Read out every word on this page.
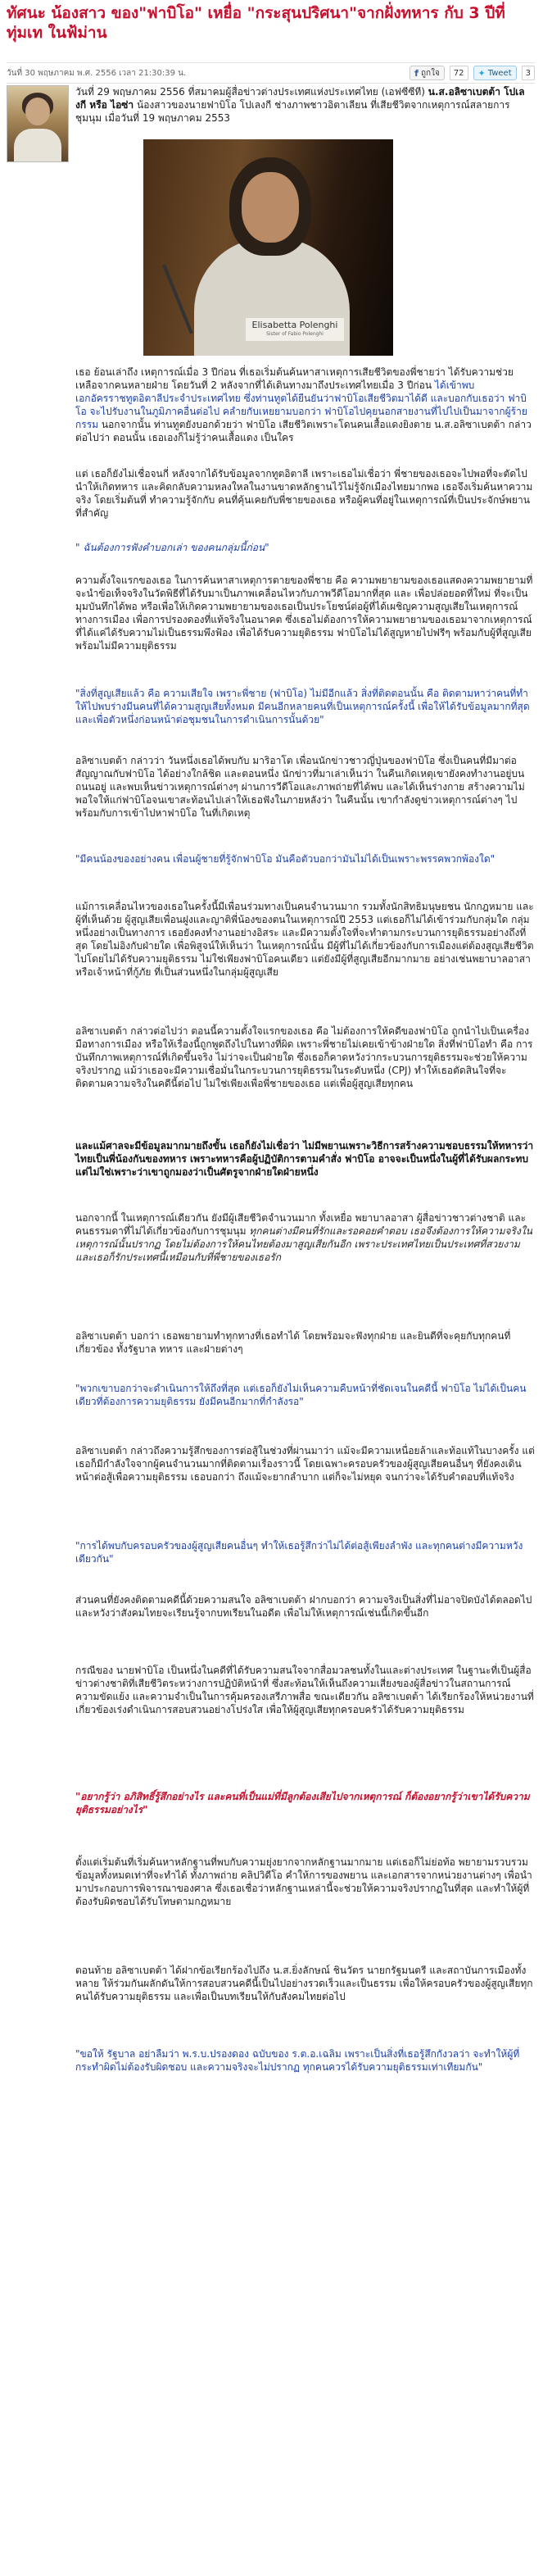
ทัศนะ น้องสาว ของ"ฟาบิโอ" เหยื่อ "กระสุนปริศนา"จากฝั่งทหาร กับ 3 ปีที่ทุ่มเท ในฟ้ม่าน
วันที่ 30 พฤษภาคม พ.ศ. 2556 เวลา 21:30:39 น.	f ถูกใจ	72	✦ Tweet	3

วันที่ 29 พฤษภาคม 2556 ที่สมาคมผู้สื่อข่าวต่างประเทศแห่งประเทศไทย (เอฟซีซีที) น.ส.อลิซาเบตต้า โปเลงกี หรือ ไอซ่า น้องสาวของนายฟาบิโอ โปเลงกี ช่างภาพชาวอิตาเลียน ที่เสียชีวิตจากเหตุการณ์สลายการชุมนุม เมื่อวันที่ 19 พฤษภาคม 2553

Elisabetta Polenghi
Sister of Fabio Polenghi

เธอ ย้อนเล่าถึง เหตุการณ์เมื่อ 3 ปีก่อน ที่เธอเริ่มต้นค้นหาสาเหตุการเสียชีวิตของพี่ชายว่า ได้รับความช่วยเหลือจากคนหลายฝ่าย โดยวันที่ 2 หลังจากที่ได้เดินทางมาถึงประเทศไทยเมื่อ 3 ปีก่อน ได้เข้าพบเอกอัครราชทูตอิตาลีประจำประเทศไทย ซึ่งท่านทูตได้ยืนยันว่าฟาบิโอเสียชีวิตมาได้ดี และบอกกับเธอว่า ฟาบิโอ จะไปรับงานในภูมิภาคอื่นต่อไป คลำยกับเหยยามบอกว่า ฟาบิโอไปคุยนอกสายงานที่ไปไปเป็นมาจากผู้ร้ายกรรม นอกจากนั้น ท่านทูตยังบอกด้วยว่า ฟาบิโอ เสียชีวิตเพราะโดนคนเสื้อแดงยิงตาย น.ส.อลิซาเบตต้า กล่าวต่อไปว่า ตอนนั้น เธอเองก็ไม่รู้ว่าคนเสื้อแดง เป็นใคร

แต่ เธอก็ยังไม่เชื่อจนกี่ หลังจากได้รับข้อมูลจากทูตอิตาลี เพราะเธอไม่เชื่อว่า พี่ชายของเธอจะไปพอที่จะตัดไปนำให้เกิดทหาร และคิดกลับความหลงใหลในงานขาดหลักฐานไว้ไม่รู้จักเมืองไทยมากพอ เธอจึงเริ่มค้นหาความจริง โดยเริ่มต้นที่ ทำความรู้จักกับ คนที่คุ้นเคยกับพี่ชายของเธอ หรือผู้คนที่อยู่ในเหตุการณ์ที่เป็นประจักษ์พยานที่สำคัญ

" ฉันต้องการฟังคำบอกเล่า ของคนกลุ่มนี้ก่อน"

ความตั้งใจแรกของเธอ ในการค้นหาสาเหตุการตายของพี่ชาย คือ ความพยายามของเธอแสดงความพยายามที่จะนำข้อเท็จจริงในวัดพิธีที่ได้รับมาเป็นภาพเคลื่อนไหวกับภาพวีดีโอมากที่สุด และ เพื่อปล่อยอดที่ใหม่ ที่จะเป็นมุมบันทึกได้พอ หรือเพื่อให้เกิดความพยายามของเธอเป็นประโยชน์ต่อผู้ที่ได้เผชิญความสูญเสียในเหตุการณ์ทางการเมือง เพื่อการปรองดองที่แท้จริงในอนาคต ซึ่งเธอไม่ต้องการให้ความพยายามของเธอมาจากเหตุการณ์ที่ได้แค่ได้รับความไม่เป็นธรรมพึงฟ้อง เพื่อได้รับความยุติธรรม ฟาบิโอไม่ได้สูญหายไปฟรีๆ พร้อมกับผู้ที่สูญเสียพร้อมไม่มีความยุติธรรม

"สิ่งที่สูญเสียแล้ว คือ ความเสียใจ เพราะพี่ชาย (ฟาบิโอ) ไม่มีอีกแล้ว สิ่งที่ติดตอนนั้น คือ ติดตามหาว่าคนที่ทำ ให้ไปพบร่างมีนคนที่ได้ความสูญเสียทั้งหมด มีคนอีกหลายคนที่เป็นเหตุการณ์ครั้งนี้ เพื่อให้ได้รับข้อมูลมากที่สุด และเพื่อตัวหนึ่งก่อนหน้าต่อชุมชนในการดำเนินการนั้นด้วย"

อลิซาเบตต้า กล่าวว่า วันหนึ่งเธอได้พบกับ มาริอาโต เพื่อนนักข่าวชาวญี่ปุ่นของฟาบิโอ ซึ่งเป็นคนที่มีมาต่อสัญญาณกับฟาบิโอ ได้อย่างใกล้ชิด และตอนหนึ่ง นักข่าวที่มาเล่าเห็นว่า ในคืนเกิดเหตุเขายังคงทำงานอยู่บนถนนอยู่ และพบเห็นข่าวเหตุการณ์ต่างๆ ผ่านการวีดีโอและภาพถ่ายที่ได้พบ และได้เห็นร่างกาย สร้างความไม่พอใจให้แก่ฟาบิโอจนเขาสะท้อนไปเล่าให้เธอฟังในภายหลังว่า ในคืนนั้น เขากำลังดูข่าวเหตุการณ์ต่างๆ ไปพร้อมกับการเข้าไปหาฟาบิโอ ในที่เกิดเหตุ

"มีคนน้องของอย่างคน เพื่อนผู้ชายที่รู้จักฟาบิโอ มันคือตัวบอกว่ามันไม่ได้เป็นเพราะพรรคพวกพ้องใด"

แม้การเคลื่อนไหวของเธอในครั้งนี้มีเพื่อนร่วมทางเป็นคนจำนวนมาก รวมทั้งนักสิทธิมนุษยชน นักกฎหมาย และผู้ที่เห็นด้วย ผู้สูญเสียเพื่อนฝูงและญาติพี่น้องของตนในเหตุการณ์ปี 2553 แต่เธอก็ไม่ได้เข้าร่วมกับกลุ่มใด กลุ่มหนึ่งอย่างเป็นทางการ เธอยังคงทำงานอย่างอิสระ และมีความตั้งใจที่จะทำตามกระบวนการยุติธรรมอย่างถึงที่สุด โดยไม่อิงกับฝ่ายใด เพื่อพิสูจน์ให้เห็นว่า ในเหตุการณ์นั้น มีผู้ที่ไม่ได้เกี่ยวข้องกับการเมืองแต่ต้องสูญเสียชีวิตไปโดยไม่ได้รับความยุติธรรม ไม่ใช่เพียงฟาบิโอคนเดียว แต่ยังมีผู้ที่สูญเสียอีกมากมาย อย่างเช่นพยาบาลอาสา หรือเจ้าหน้าที่กู้ภัย ที่เป็นส่วนหนึ่งในกลุ่มผู้สูญเสีย

อลิซาเบตต้า กล่าวต่อไปว่า ตอนนี้ความตั้งใจแรกของเธอ คือ ไม่ต้องการให้คดีของฟาบิโอ ถูกนำไปเป็นเครื่องมือทางการเมือง หรือให้เรื่องนี้ถูกพูดถึงไปในทางที่ผิด เพราะพี่ชายไม่เคยเข้าข้างฝ่ายใด สิ่งที่ฟาบิโอทำ คือ การบันทึกภาพเหตุการณ์ที่เกิดขึ้นจริง ไม่ว่าจะเป็นฝ่ายใด ซึ่งเธอก็คาดหวังว่ากระบวนการยุติธรรมจะช่วยให้ความจริงปรากฏ แม้ว่าเธอจะมีความเชื่อมั่นในกระบวนการยุติธรรมในระดับหนึ่ง (CPJ) ทำให้เธอตัดสินใจที่จะติดตามความจริงในคดีนี้ต่อไป ไม่ใช่เพียงเพื่อพี่ชายของเธอ แต่เพื่อผู้สูญเสียทุกคน

และแม้ศาลจะมีข้อมูลมากมายถึงขั้น เธอก็ยังไม่เชื่อว่า ไม่มีพยานเพราะวิธีการสร้างความชอบธรรมให้ทหารว่าไทยเป็นพี่น้องกันของทหาร เพราะทหารคือผู้ปฏิบัติการตามคำสั่ง ฟาบิโอ อาจจะเป็นหนึ่งในผู้ที่ได้รับผลกระทบ แต่ไม่ใช่เพราะว่าเขาถูกมองว่าเป็นศัตรูจากฝ่ายใดฝ่ายหนึ่ง

นอกจากนี้ ในเหตุการณ์เดียวกัน ยังมีผู้เสียชีวิตจำนวนมาก ทั้งเหยื่อ พยาบาลอาสา ผู้สื่อข่าวชาวต่างชาติ และคนธรรมดาที่ไม่ได้เกี่ยวข้องกับการชุมนุม ทุกคนต่างมีคนที่รักและรอคอยคำตอบ เธอจึงต้องการให้ความจริงในเหตุการณ์นั้นปรากฏ โดยไม่ต้องการให้คนไทยต้องมาสูญเสียกันอีก เพราะประเทศไทยเป็นประเทศที่สวยงาม และเธอก็รักประเทศนี้เหมือนกับที่พี่ชายของเธอรัก

อลิซาเบตต้า บอกว่า เธอพยายามทำทุกทางที่เธอทำได้ โดยพร้อมจะฟังทุกฝ่าย และยินดีที่จะคุยกับทุกคนที่เกี่ยวข้อง ทั้งรัฐบาล ทหาร และฝ่ายต่างๆ

"พวกเขาบอกว่าจะดำเนินการให้ถึงที่สุด แต่เธอก็ยังไม่เห็นความคืบหน้าที่ชัดเจนในคดีนี้ ฟาบิโอ ไม่ได้เป็นคนเดียวที่ต้องการความยุติธรรม ยังมีคนอีกมากที่กำลังรอ"

อลิซาเบตต้า กล่าวถึงความรู้สึกของการต่อสู้ในช่วงที่ผ่านมาว่า แม้จะมีความเหนื่อยล้าและท้อแท้ในบางครั้ง แต่เธอก็มีกำลังใจจากผู้คนจำนวนมากที่ติดตามเรื่องราวนี้ โดยเฉพาะครอบครัวของผู้สูญเสียคนอื่นๆ ที่ยังคงเดินหน้าต่อสู้เพื่อความยุติธรรม เธอบอกว่า ถึงแม้จะยากลำบาก แต่ก็จะไม่หยุด จนกว่าจะได้รับคำตอบที่แท้จริง

"การได้พบกับครอบครัวของผู้สูญเสียคนอื่นๆ ทำให้เธอรู้สึกว่าไม่ได้ต่อสู้เพียงลำพัง และทุกคนต่างมีความหวังเดียวกัน"

ส่วนคนที่ยังคงติดตามคดีนี้ด้วยความสนใจ อลิซาเบตต้า ฝากบอกว่า ความจริงเป็นสิ่งที่ไม่อาจปิดบังได้ตลอดไป และหวังว่าสังคมไทยจะเรียนรู้จากบทเรียนในอดีต เพื่อไม่ให้เหตุการณ์เช่นนี้เกิดขึ้นอีก

กรณีของ นายฟาบิโอ เป็นหนึ่งในคดีที่ได้รับความสนใจจากสื่อมวลชนทั้งในและต่างประเทศ ในฐานะที่เป็นผู้สื่อข่าวต่างชาติที่เสียชีวิตระหว่างการปฏิบัติหน้าที่ ซึ่งสะท้อนให้เห็นถึงความเสี่ยงของผู้สื่อข่าวในสถานการณ์ความขัดแย้ง และความจำเป็นในการคุ้มครองเสรีภาพสื่อ ขณะเดียวกัน อลิซาเบตต้า ได้เรียกร้องให้หน่วยงานที่เกี่ยวข้องเร่งดำเนินการสอบสวนอย่างโปร่งใส เพื่อให้ผู้สูญเสียทุกครอบครัวได้รับความยุติธรรม

"อยากรู้ว่า อภิสิทธิ์รู้สึกอย่างไร และคนที่เป็นแม่ที่มีลูกต้องเสียไปจากเหตุการณ์ ก็ต้องอยากรู้ว่าเขาได้รับความยุติธรรมอย่างไร"

ตั้งแต่เริ่มต้นที่เริ่มค้นหาหลักฐานที่พบกับความยุ่งยากจากหลักฐานมากมาย แต่เธอก็ไม่ย่อท้อ พยายามรวบรวมข้อมูลทั้งหมดเท่าที่จะทำได้ ทั้งภาพถ่าย คลิปวิดีโอ คำให้การของพยาน และเอกสารจากหน่วยงานต่างๆ เพื่อนำมาประกอบการพิจารณาของศาล ซึ่งเธอเชื่อว่าหลักฐานเหล่านี้จะช่วยให้ความจริงปรากฏในที่สุด และทำให้ผู้ที่ต้องรับผิดชอบได้รับโทษตามกฎหมาย

ตอนท้าย อลิซาเบตต้า ได้ฝากข้อเรียกร้องไปถึง น.ส.ยิ่งลักษณ์ ชินวัตร นายกรัฐมนตรี และสถาบันการเมืองทั้งหลาย ให้ร่วมกันผลักดันให้การสอบสวนคดีนี้เป็นไปอย่างรวดเร็วและเป็นธรรม เพื่อให้ครอบครัวของผู้สูญเสียทุกคนได้รับความยุติธรรม และเพื่อเป็นบทเรียนให้กับสังคมไทยต่อไป

"ขอให้ รัฐบาล อย่าลืมว่า พ.ร.บ.ปรองดอง ฉบับของ ร.ต.อ.เฉลิม เพราะเป็นสิ่งที่เธอรู้สึกกังวลว่า จะทำให้ผู้ที่กระทำผิดไม่ต้องรับผิดชอบ และความจริงจะไม่ปรากฏ ทุกคนควรได้รับความยุติธรรมเท่าเทียมกัน"
